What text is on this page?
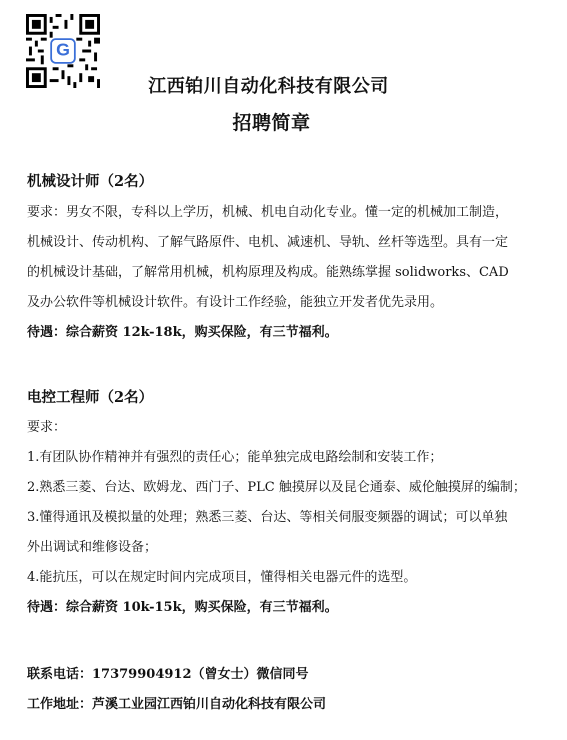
G
江西铂川自动化科技有限公司
招聘简章
机械设计师（2名）
要求：男女不限，专科以上学历，机械、机电自动化专业。懂一定的机械加工制造，
机械设计、传动机构、了解气路原件、电机、减速机、导轨、丝杆等选型。具有一定
的机械设计基础，了解常用机械，机构原理及构成。能熟练掌握 solidworks、CAD
及办公软件等机械设计软件。有设计工作经验，能独立开发者优先录用。
待遇：综合薪资 12k-18k，购买保险，有三节福利。
电控工程师（2名）
要求：
1.有团队协作精神并有强烈的责任心；能单独完成电路绘制和安装工作；
2.熟悉三菱、台达、欧姆龙、西门子、PLC 触摸屏以及昆仑通泰、威伦触摸屏的编制；
3.懂得通讯及模拟量的处理；熟悉三菱、台达、等相关伺服变频器的调试；可以单独
外出调试和维修设备；
4.能抗压，可以在规定时间内完成项目，懂得相关电器元件的选型。
待遇：综合薪资 10k-15k，购买保险，有三节福利。
联系电话：17379904912（曾女士）微信同号
工作地址：芦溪工业园江西铂川自动化科技有限公司
